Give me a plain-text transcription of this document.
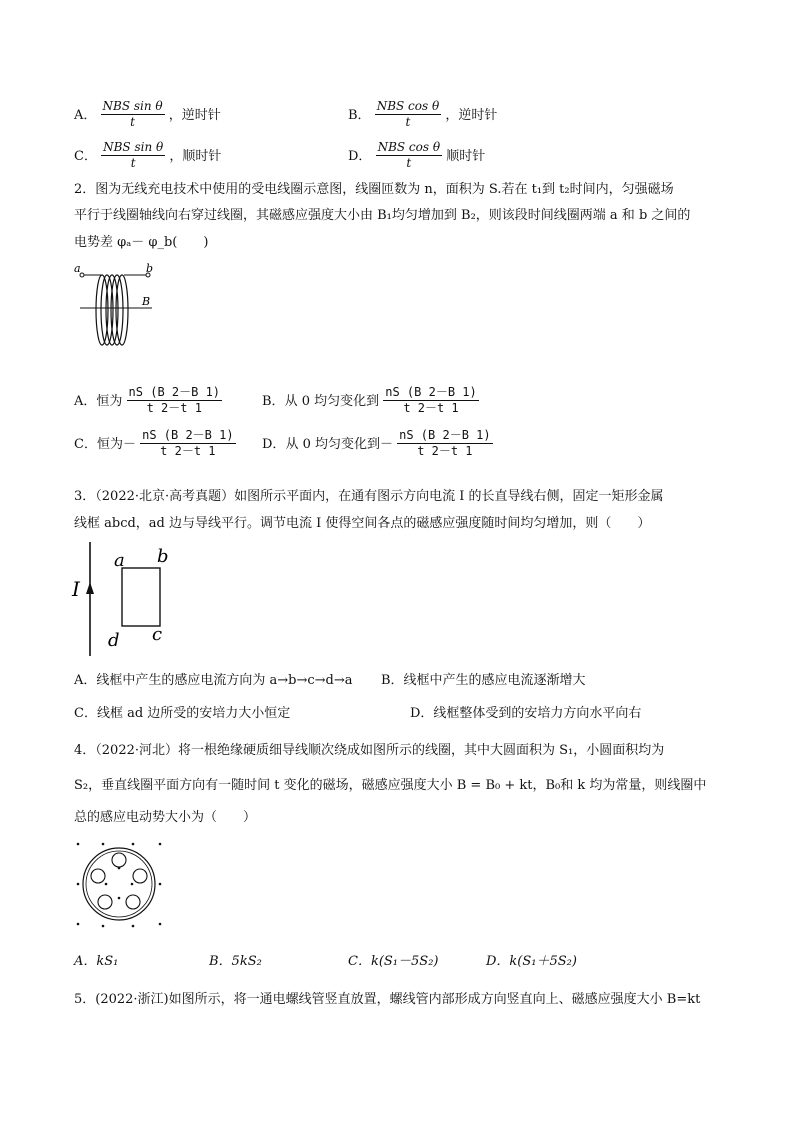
A． $\frac{\text{NBS sin θ}}{t}$ ，逆时针	B． $\frac{\text{NBS cos θ}}{t}$ ，逆时针
C． $\frac{\text{NBS sin θ}}{t}$ ，顺时针	D． $\frac{\text{NBS cos θ}}{t}$ 顺时针
2．图为无线充电技术中使用的受电线圈示意图，线圈匝数为 n，面积为 S.若在 t₁到 t₂时间内，匀强磁场
平行于线圈轴线向右穿过线圈，其磁感应强度大小由 B₁均匀增加到 B₂，则该段时间线圈两端 a 和 b 之间的
电势差 φₐ－ φ_b(　　)
a	b
B
A．恒为 $\frac{nS (B 2-B 1)}{t 2-t 1}$	B．从 0 均匀变化到 $\frac{nS (B 2-B 1)}{t 2-t 1}$
C．恒为－ $\frac{nS (B 2-B 1)}{t 2-t 1}$ D．从 0 均匀变化到－ $\frac{nS (B 2-B 1)}{t 2-t 1}$
3．（2022·北京·高考真题）如图所示平面内，在通有图示方向电流 I 的长直导线右侧，固定一矩形金属
线框 abcd，ad 边与导线平行。调节电流 I 使得空间各点的磁感应强度随时间均匀增加，则（　　）
I
a b
c
d
A．线框中产生的感应电流方向为 a→b→c→d→a B．线框中产生的感应电流逐渐增大
C．线框 ad 边所受的安培力大小恒定	D．线框整体受到的安培力方向水平向右
4．（2022·河北）将一根绝缘硬质细导线顺次绕成如图所示的线圈，其中大圆面积为 S₁，小圆面积均为
S₂，垂直线圈平面方向有一随时间 t 变化的磁场，磁感应强度大小 B = B₀ + kt，B₀和 k 均为常量，则线圈中
总的感应电动势大小为（　　）
A．kS₁	B．5kS₂	C．k(S₁－5S₂)	D．k(S₁＋5S₂)
5．(2022·浙江)如图所示，将一通电螺线管竖直放置，螺线管内部形成方向竖直向上、磁感应强度大小 B=kt
